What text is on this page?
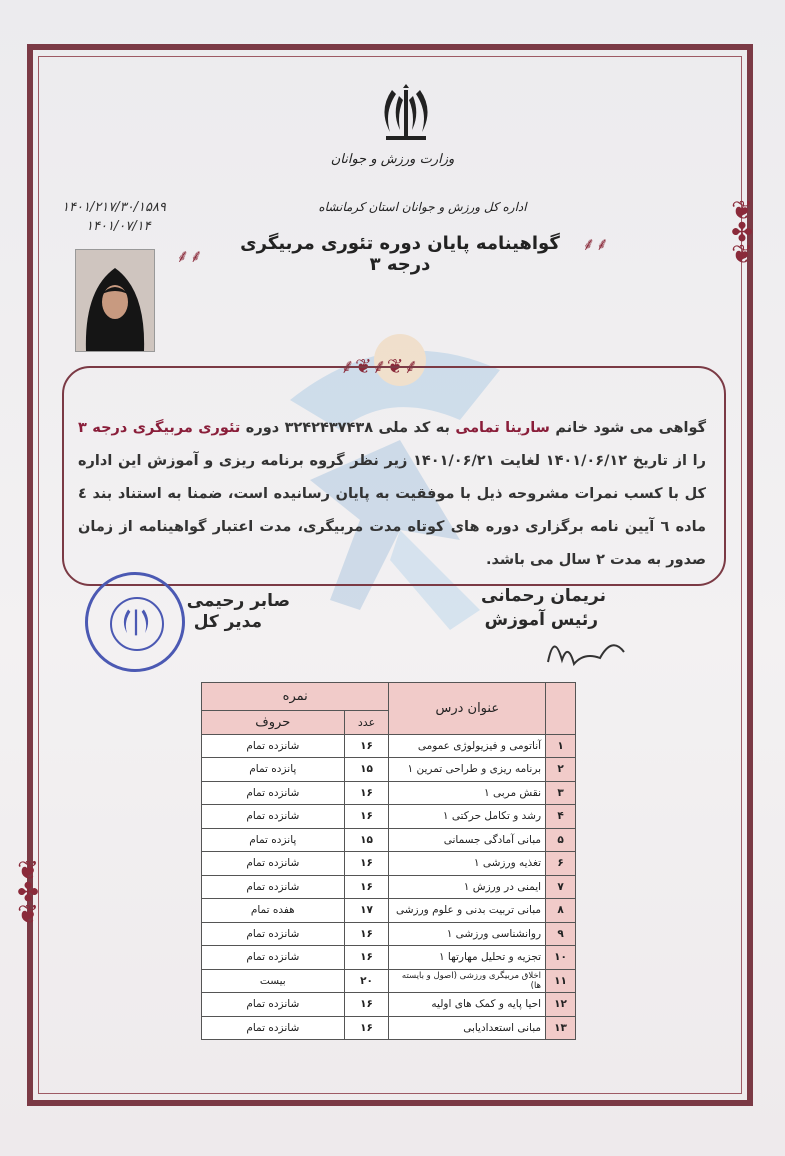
وزارت ورزش و جوانان
اداره کل ورزش و جوانان استان کرمانشاه
۱۴۰۱/۲۱۷/۳۰/۱۵۸۹
۱۴۰۱/۰۷/۱۴
⸙⸙
گواهینامه پایان دوره تئوری مربیگری درجه ۳
⸙⸙
❦
✤
❦
❦
✤
❦
⸙❦⸙❦⸙
گواهی می شود خانم سارینا تمامی به کد ملی ۳۲۴۲۴۳۷۴۳۸ دوره تئوری مربیگری درجه ۳ را از تاریخ ۱۴۰۱/۰۶/۱۲ لغایت ۱۴۰۱/۰۶/۲۱ زیر نظر گروه برنامه ریزی و آموزش این اداره کل با کسب نمرات مشروحه ذیل با موفقیت به پایان رسانیده است، ضمنا به استناد بند ٤ ماده ٦ آیین نامه برگزاری دوره های کوتاه مدت مربیگری، مدت اعتبار گواهینامه از زمان صدور به مدت ۲ سال می باشد.
نریمان رحمانی
رئیس آموزش
صابر رحیمی
مدیر کل
	عنوان درس	نمره	
		عدد	حروف
۱	آناتومی و فیزیولوژی عمومی	۱۶	شانزده تمام
۲	برنامه ریزی و طراحی تمرین ۱	۱۵	پانزده تمام
۳	نقش مربی ۱	۱۶	شانزده تمام
۴	رشد و تکامل حرکتی ۱	۱۶	شانزده تمام
۵	مبانی آمادگی جسمانی	۱۵	پانزده تمام
۶	تغذیه ورزشی ۱	۱۶	شانزده تمام
۷	ایمنی در ورزش ۱	۱۶	شانزده تمام
۸	مبانی تربیت بدنی و علوم ورزشی	۱۷	هفده تمام
۹	روانشناسی ورزشی ۱	۱۶	شانزده تمام
۱۰	تجزیه و تحلیل مهارتها ۱	۱۶	شانزده تمام
۱۱	اخلاق مربیگری ورزشی (اصول و بایسته ها)	۲۰	بیست
۱۲	احیا پایه و کمک های اولیه	۱۶	شانزده تمام
۱۳	مبانی استعدادیابی	۱۶	شانزده تمام
